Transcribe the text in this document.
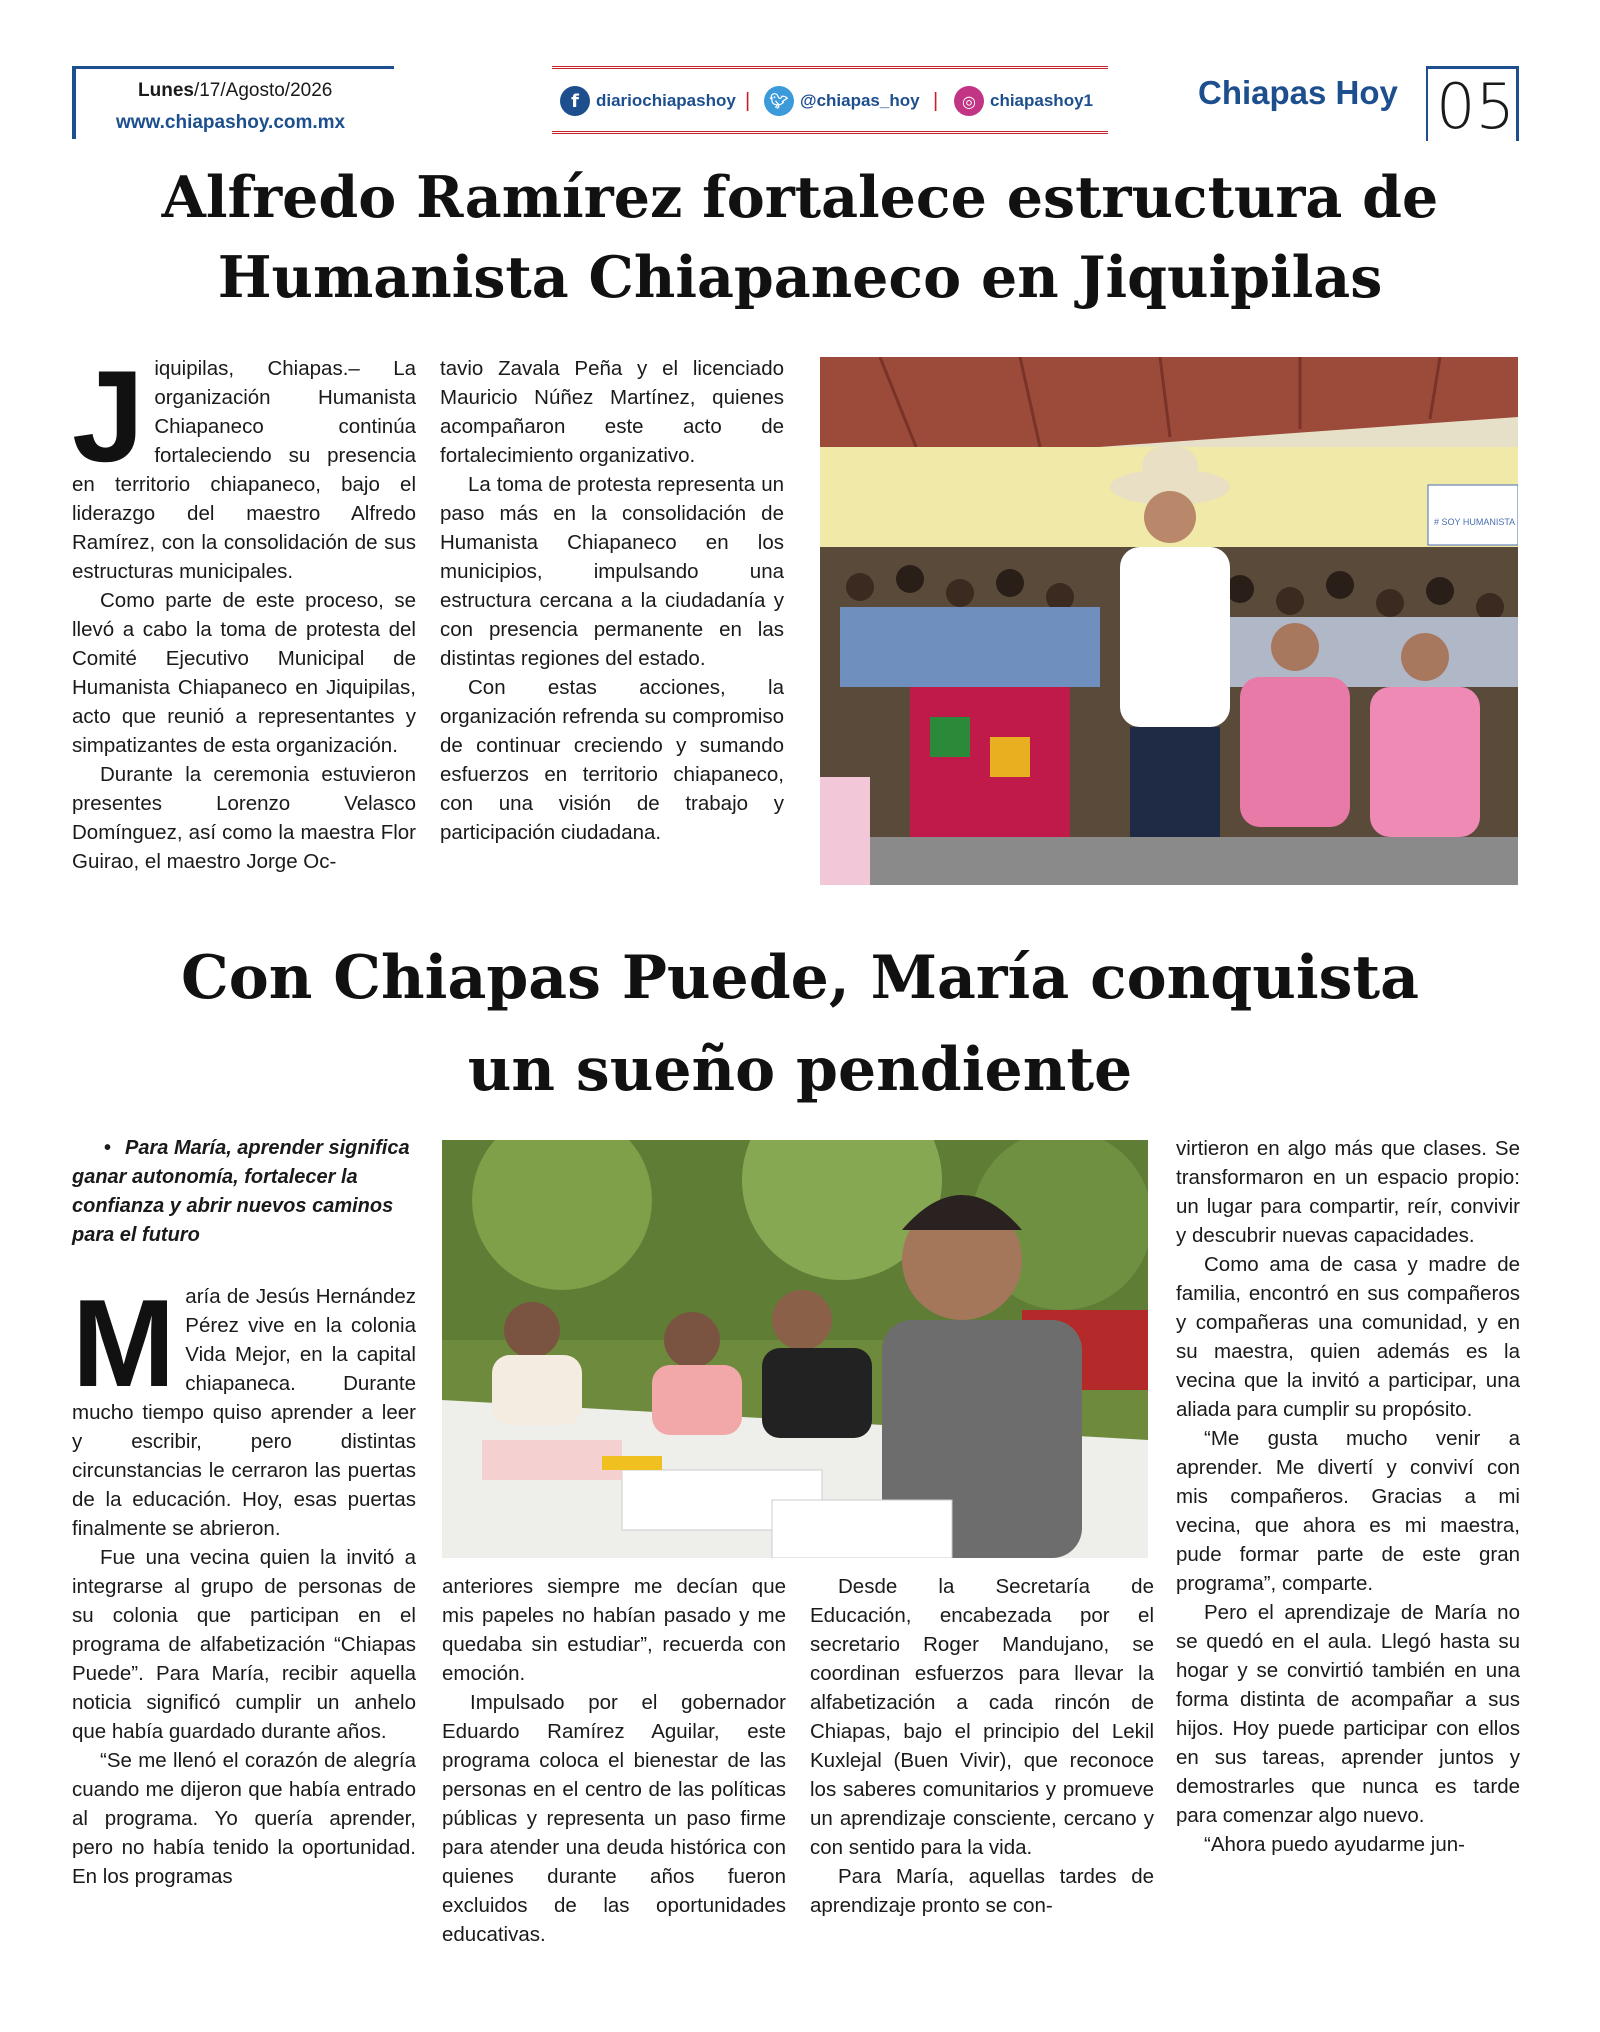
Lunes/17/Agosto/2026
www.chiapashoy.com.mx
f	diariochiapashoy |	🐦︎ @chiapas_hoy |	◎ chiapashoy1	Chiapas Hoy 05
Alfredo Ramírez fortalece estructura de
Humanista Chiapaneco en Jiquipilas
J iquipilas, Chiapas.– La organización Humanista Chiapaneco continúa fortaleciendo su presencia en territorio chiapaneco, bajo el liderazgo del maestro Alfredo Ramírez, con la consolidación de sus estructuras municipales.

Como parte de este proceso, se llevó a cabo la toma de protesta del Comité Ejecutivo Municipal de Humanista Chiapaneco en Jiquipilas, acto que reunió a representantes y simpatizantes de esta organización.

Durante la ceremonia estuvieron presentes Lorenzo Velasco Domínguez, así como la maestra Flor Guirao, el maestro Jorge Oc-

tavio Zavala Peña y el licenciado Mauricio Núñez Martínez, quienes acompañaron este acto de fortalecimiento organizativo.

La toma de protesta representa un paso más en la consolidación de Humanista Chiapaneco en los municipios, impulsando una estructura cercana a la ciudadanía y con presencia permanente en las distintas regiones del estado.

Con estas acciones, la organización refrenda su compromiso de continuar creciendo y sumando esfuerzos en territorio chiapaneco, con una visión de trabajo y participación ciudadana.

# SOY HUMANISTA
Con Chiapas Puede, María conquista
un sueño pendiente
• Para María, aprender significa ganar autonomía, fortalecer la confianza y abrir nuevos caminos para el futuro
M aría de Jesús Hernández Pérez vive en la colonia Vida Mejor, en la capital chiapaneca. Durante mucho tiempo quiso aprender a leer y escribir, pero distintas circunstancias le cerraron las puertas de la educación. Hoy, esas puertas finalmente se abrieron.

Fue una vecina quien la invitó a integrarse al grupo de personas de su colonia que participan en el programa de alfabetización “Chiapas Puede”. Para María, recibir aquella noticia significó cumplir un anhelo que había guardado durante años.

“Se me llenó el corazón de alegría cuando me dijeron que había entrado al programa. Yo quería aprender, pero no había tenido la oportunidad. En los programas

anteriores siempre me decían que mis papeles no habían pasado y me quedaba sin estudiar”, recuerda con emoción.

Impulsado por el gobernador Eduardo Ramírez Aguilar, este programa coloca el bienestar de las personas en el centro de las políticas públicas y representa un paso firme para atender una deuda histórica con quienes durante años fueron excluidos de las oportunidades educativas.

Desde la Secretaría de Educación, encabezada por el secretario Roger Mandujano, se coordinan esfuerzos para llevar la alfabetización a cada rincón de Chiapas, bajo el principio del Lekil Kuxlejal (Buen Vivir), que reconoce los saberes comunitarios y promueve un aprendizaje consciente, cercano y con sentido para la vida.

Para María, aquellas tardes de aprendizaje pronto se con-

virtieron en algo más que clases. Se transformaron en un espacio propio: un lugar para compartir, reír, convivir y descubrir nuevas capacidades.

Como ama de casa y madre de familia, encontró en sus compañeros y compañeras una comunidad, y en su maestra, quien además es la vecina que la invitó a participar, una aliada para cumplir su propósito.

“Me gusta mucho venir a aprender. Me divertí y conviví con mis compañeros. Gracias a mi vecina, que ahora es mi maestra, pude formar parte de este gran programa”, comparte.

Pero el aprendizaje de María no se quedó en el aula. Llegó hasta su hogar y se convirtió también en una forma distinta de acompañar a sus hijos. Hoy puede participar con ellos en sus tareas, aprender juntos y demostrarles que nunca es tarde para comenzar algo nuevo.

“Ahora puedo ayudarme jun-
